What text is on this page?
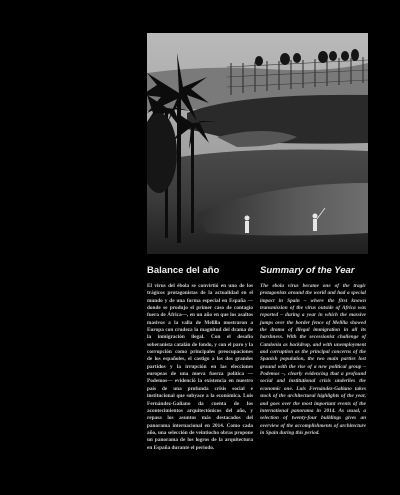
Balance del año

El virus del ébola se convirtió en uno de los trágicos protagonistas de la actualidad en el mundo y de una forma especial en España —donde se produjo el primer caso de contagio fuera de África—, en un año en que los asaltos masivos a la valla de Melilla mostraron a Europa con crudeza la magnitud del drama de la inmigración ilegal. Con el desafío soberanista catalán de fondo, y con el paro y la corrupción como principales preocupaciones de los españoles, el castigo a los dos grandes partidos y la irrupción en las elecciones europeas de una nueva fuerza política —Podemos— evidenció la existencia en nuestro país de una profunda crisis social e institucional que subyace a la económica. Luis Fernández-Galiano da cuenta de los acontecimientos arquitectónicos del año, y repasa los asuntos más destacados del panorama internacional en 2014. Como cada año, una selección de veintiocho obras propone un panorama de los logros de la arquitectura en España durante el periodo.

Summary of the Year

The ebola virus became one of the tragic protagonists around the world and had a special impact in Spain – where the first known transmission of the virus outside of Africa was reported – during a year in which the massive jumps over the border fence of Melilla showed the drama of illegal immigration in all its harshness. With the secessionist challenge of Catalonia as backdrop, and with unemployment and corruption as the principal concerns of the Spanish population, the two main parties lost ground with the rise of a new political group – Podemos –, clearly evidencing that a profound social and institutional crisis underlies the economic one. Luis Fernández-Galiano takes stock of the architectural highlights of the year, and goes over the most important events of the international panorama in 2014. As usual, a selection of twenty-four buildings gives an overview of the accomplishments of architecture in Spain during this period.
